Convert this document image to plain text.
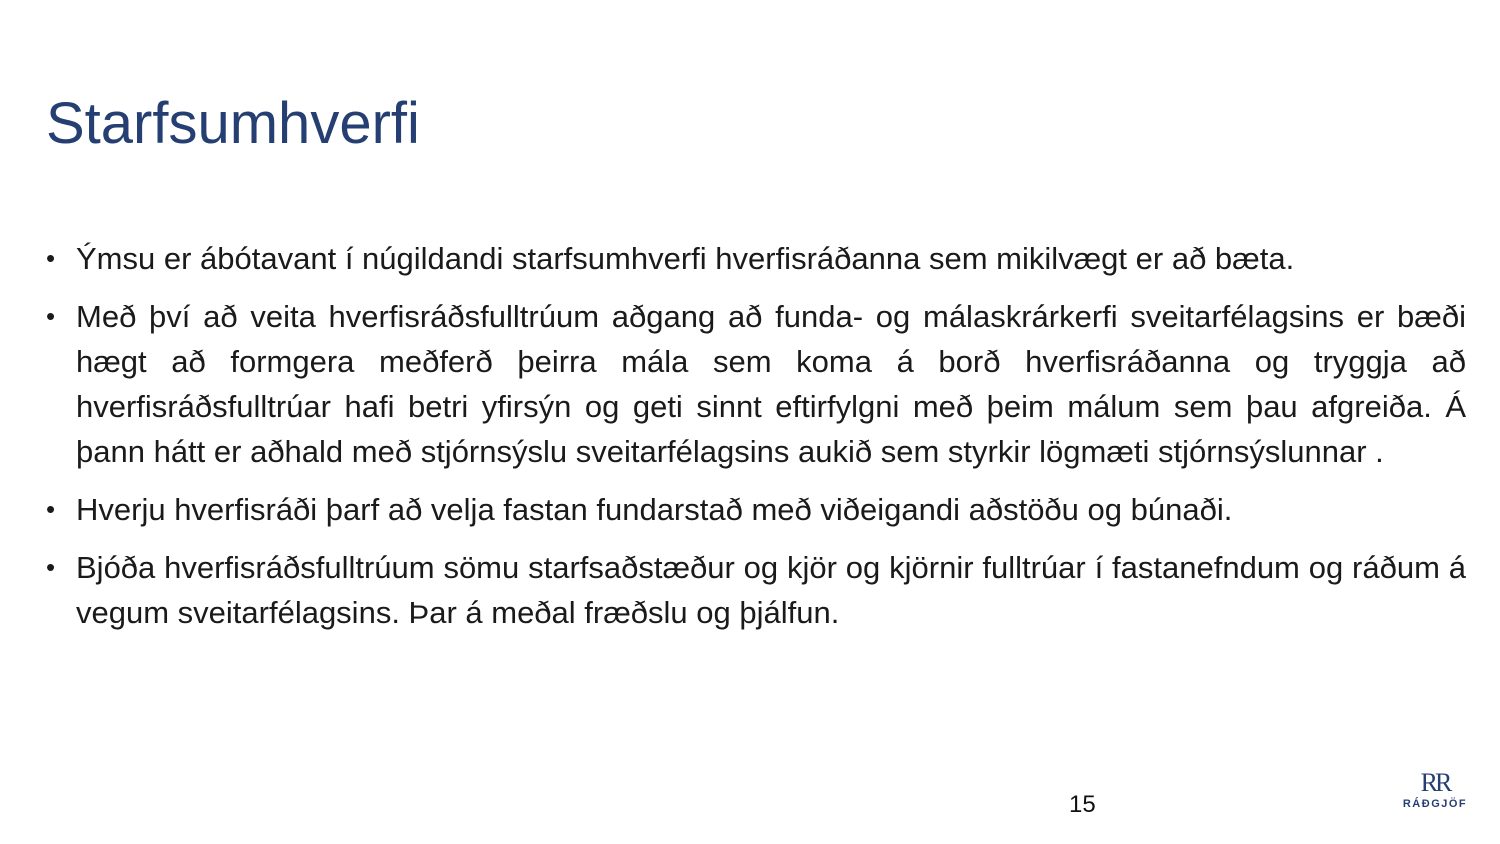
Starfsumhverfi
• Ýmsu er ábótavant í núgildandi starfsumhverfi hverfisráðanna sem mikilvægt er að bæta.
• Með því að veita hverfisráðsfulltrúum aðgang að funda- og málaskrárkerfi sveitarfélagsins er bæði hægt að formgera meðferð þeirra mála sem koma á borð hverfisráðanna og tryggja að hverfisráðsfulltrúar hafi betri yfirsýn og geti sinnt eftirfylgni með þeim málum sem þau afgreiða. Á þann hátt er aðhald með stjórnsýslu sveitarfélagsins aukið sem styrkir lögmæti stjórnsýslunnar .
• Hverju hverfisráði þarf að velja fastan fundarstað með viðeigandi aðstöðu og búnaði.
• Bjóða hverfisráðsfulltrúum sömu starfsaðstæður og kjör og kjörnir fulltrúar í fastanefndum og ráðum á vegum sveitarfélagsins. Þar á meðal fræðslu og þjálfun.
15
RR
RÁÐGJÖF
